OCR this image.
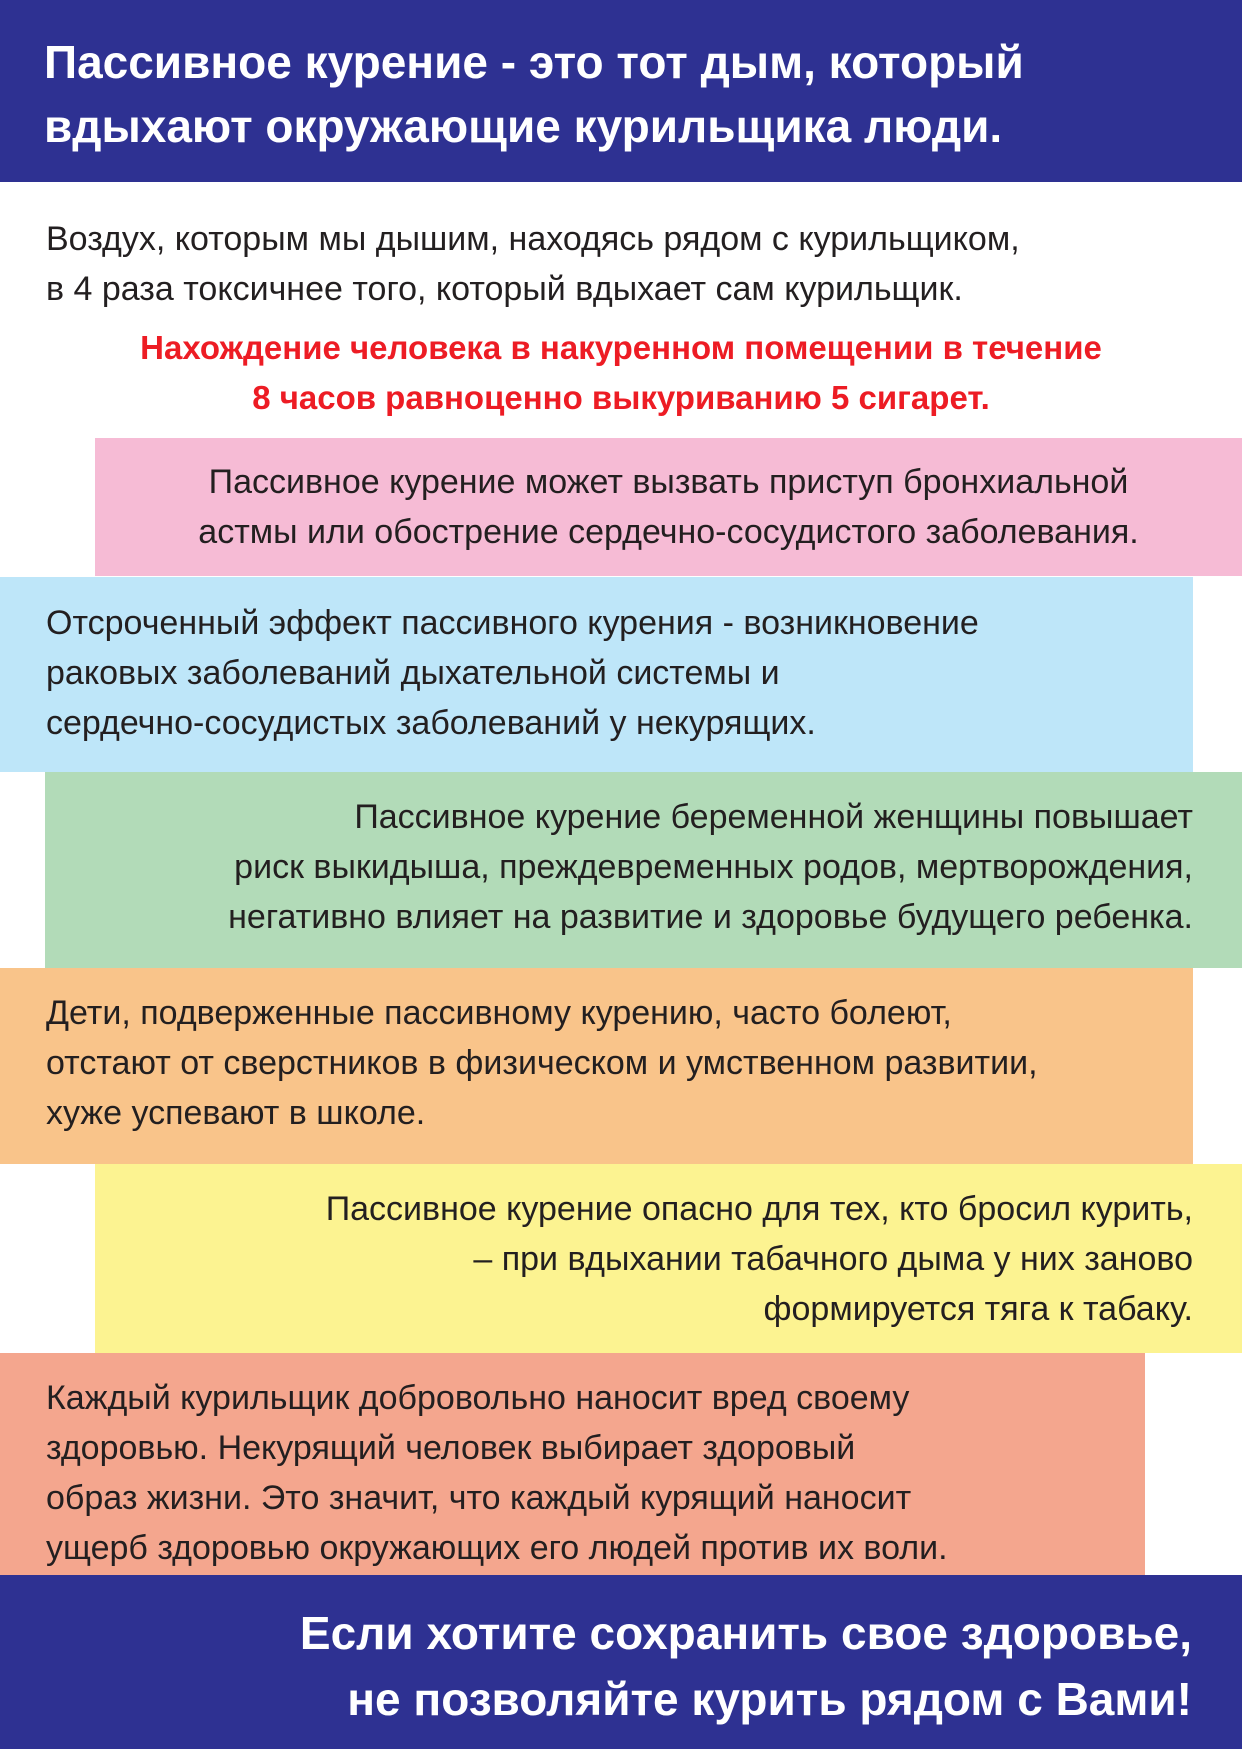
Пассивное курение - это тот дым, который
вдыхают окружающие курильщика люди.
Воздух, которым мы дышим, находясь рядом с курильщиком,
в 4 раза токсичнее того, который вдыхает сам курильщик.
Нахождение человека в накуренном помещении в течение
8 часов равноценно выкуриванию 5 сигарет.
Пассивное курение может вызвать приступ бронхиальной
астмы или обострение сердечно-сосудистого заболевания.
Отсроченный эффект пассивного курения - возникновение
раковых заболеваний дыхательной системы и
сердечно-сосудистых заболеваний у некурящих.
Пассивное курение беременной женщины повышает
риск выкидыша, преждевременных родов, мертворождения,
негативно влияет на развитие и здоровье будущего ребенка.
Дети, подверженные пассивному курению, часто болеют,
отстают от сверстников в физическом и умственном развитии,
хуже успевают в школе.
Пассивное курение опасно для тех, кто бросил курить,
– при вдыхании табачного дыма у них заново
формируется тяга к табаку.
Каждый курильщик добровольно наносит вред своему
здоровью. Некурящий человек выбирает здоровый
образ жизни. Это значит, что каждый курящий наносит
ущерб здоровью окружающих его людей против их воли.
Если хотите сохранить свое здоровье,
не позволяйте курить рядом с Вами!
